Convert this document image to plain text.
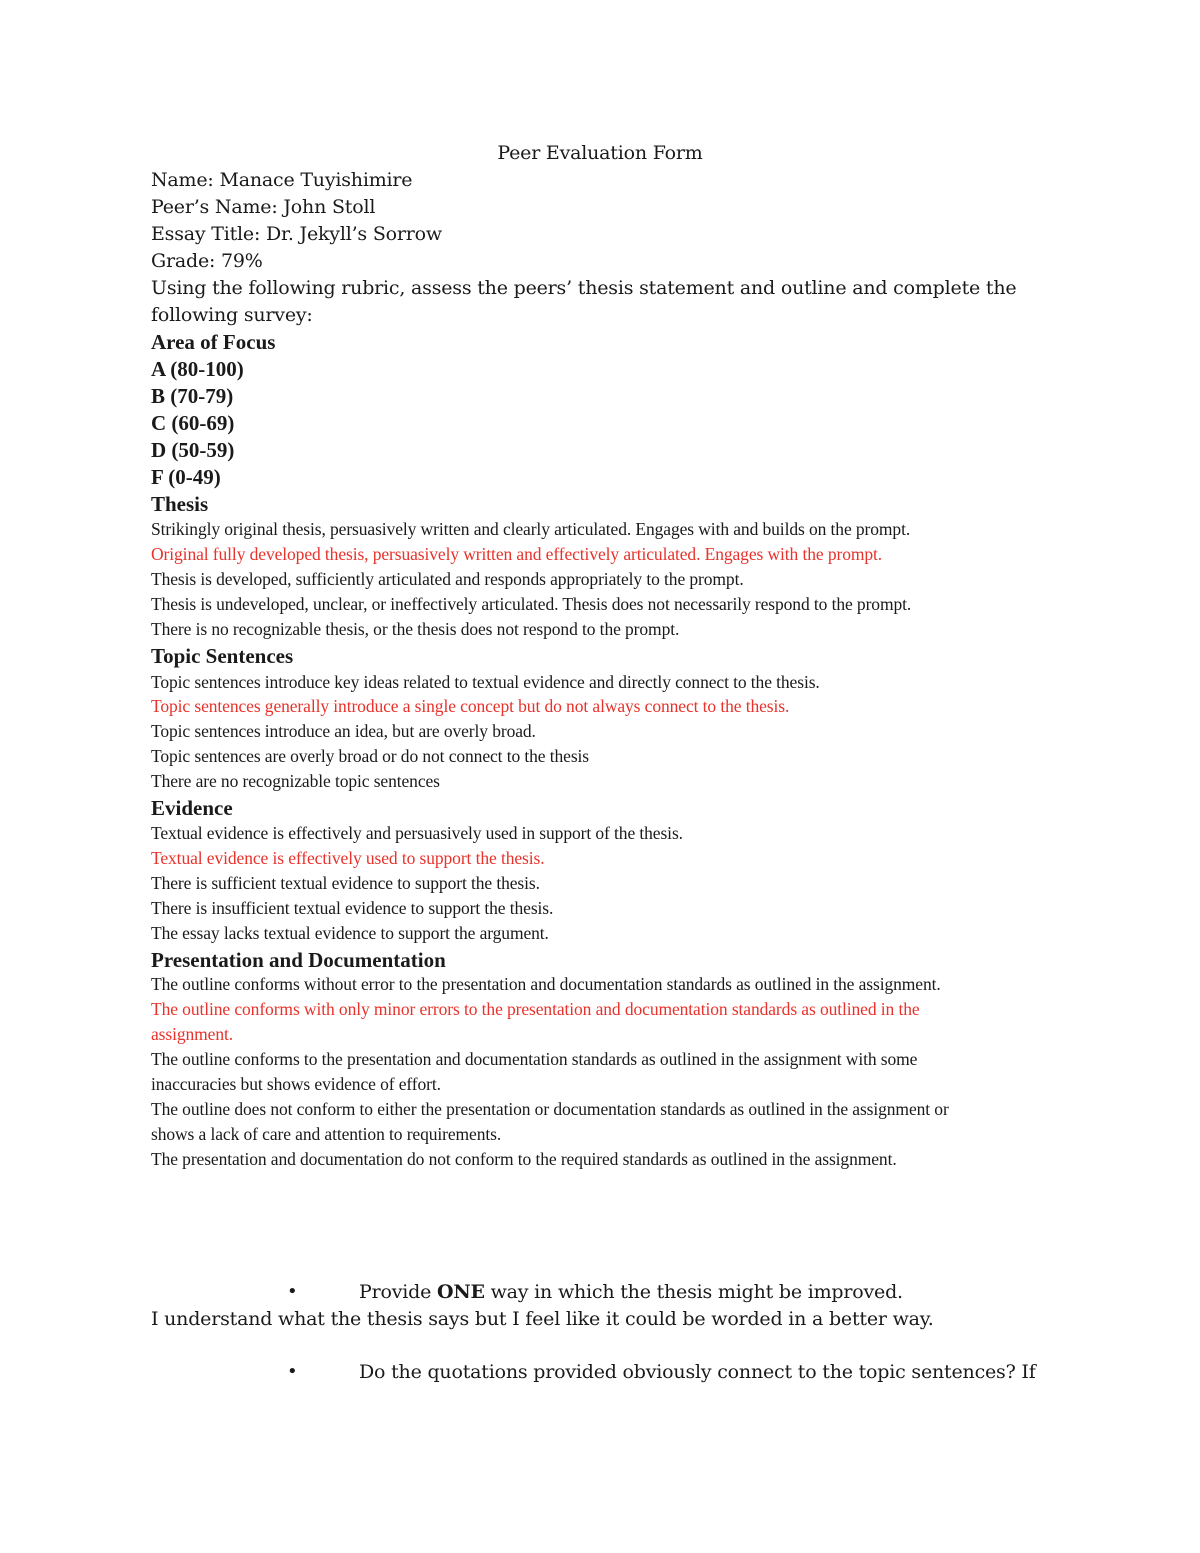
Peer Evaluation Form
Name: Manace Tuyishimire
Peer’s Name: John Stoll
Essay Title: Dr. Jekyll’s Sorrow
Grade: 79%
Using the following rubric, assess the peers’ thesis statement and outline and complete the
following survey:
Area of Focus
A (80-100)
B (70-79)
C (60-69)
D (50-59)
F (0-49)
Thesis
Strikingly original thesis, persuasively written and clearly articulated. Engages with and builds on the prompt.
Original fully developed thesis, persuasively written and effectively articulated. Engages with the prompt.
Thesis is developed, sufficiently articulated and responds appropriately to the prompt.
Thesis is undeveloped, unclear, or ineffectively articulated. Thesis does not necessarily respond to the prompt.
There is no recognizable thesis, or the thesis does not respond to the prompt.
Topic Sentences
Topic sentences introduce key ideas related to textual evidence and directly connect to the thesis.
Topic sentences generally introduce a single concept but do not always connect to the thesis.
Topic sentences introduce an idea, but are overly broad.
Topic sentences are overly broad or do not connect to the thesis
There are no recognizable topic sentences
Evidence
Textual evidence is effectively and persuasively used in support of the thesis.
Textual evidence is effectively used to support the thesis.
There is sufficient textual evidence to support the thesis.
There is insufficient textual evidence to support the thesis.
The essay lacks textual evidence to support the argument.
Presentation and Documentation
The outline conforms without error to the presentation and documentation standards as outlined in the assignment.
The outline conforms with only minor errors to the presentation and documentation standards as outlined in the
assignment.
The outline conforms to the presentation and documentation standards as outlined in the assignment with some
inaccuracies but shows evidence of effort.
The outline does not conform to either the presentation or documentation standards as outlined in the assignment or
shows a lack of care and attention to requirements.
The presentation and documentation do not conform to the required standards as outlined in the assignment.
•	Provide ONE way in which the thesis might be improved.
I understand what the thesis says but I feel like it could be worded in a better way.
•	Do the quotations provided obviously connect to the topic sentences? If
